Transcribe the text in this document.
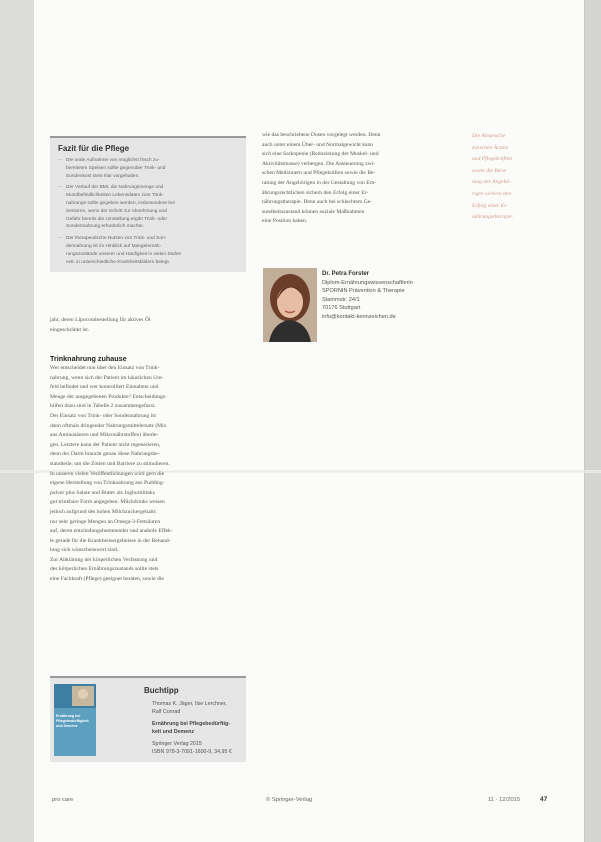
Fazit für die Pflege
— Die orale Aufnahme von möglichst frisch zu-
bereiteten Speisen sollte gegenüber Trink- und
Sondenkost stets klar vorgehalten.
— Der Verlauf der BMI, die Nahrungsmenge und
Mundbefindlichkeiten Lebensdaten zum Trink-
nahrungs sollte gegeben werden, insbesondere bei
Senioren, wenn der Schritt zur Abnehmung und
Gefahr bereits die Umstellung ergibt Trink- oder
Sondennahrung erforderlich machte.
— Der therapeutische Nutzen von Trink- und Son-
dennahrung ist im Hinblick auf Mangelernäh-
rungszustände unserer und Häufigkeit in vielen Stufen
evtl. in unterschiedliche Krankheitsbildern belegt.
jahr, deren Lipocombestellung für aktives Öl
eingeschränkt ist.
Trinknahrung zuhause
Wer entscheidet nun über den Einsatz von Trink-
nahrung, wenn sich der Patient im häuslichen Um-
feld befindet und wer kontrolliert Einnahme und
Menge der ausgegebenen Produkte? Entscheidungs-
hilfen dazu sind in Tabelle 2 zusammengefasst.
Der Einsatz von Trink- oder Sondennahrung ist
dann oftmals dringender Nahrungsmittelersatz (Mix
aus Aminosäuren und Mikronährstoffen) überle-
gen. Letztere kann der Patient nicht regenerieren,
denn der Darm braucht genau diese Nahrungsbe-
standteile, um die Zotten und Barriere zu stimulieren.
In unseren vielen Veröffentlichungen wird gern die
eigene Herstellung von Trinknahrung aus Pudding-
pulver plus Sahne und Butter als Joghurtdrinks
gut trinkbare Form angegeben. Milchdrinks weisen
jedoch aufgrund des hohen Milchzuckergehalts
nur sehr geringe Mengen an Omega-3-Fettsäuren
auf, deren entzündungshemmender und anabole Effek-
te gerade für die Krankheitsergebnisse in der Behand-
lung sich wünschenswert sind.
Zur Abklärung der körperlichen Verfassung und
des körperlichen Ernährungszustands sollte stets
eine Fachkraft (Pflege) geeignet beraten, sowie die
wie das beschriebene Dosen vorgelegt werden. Denn
auch unter einem Über- und Normalgewicht kann
sich eine Sarkopenie (Reduzierung der Muskel- und
Aktivitätsmasse) verbergen. Die Ansteuerung zwi-
schen Medizinern und Pflegekräften sowie die Be-
ratung der Angehörigen in der Gestaltung von Ern-
ährungsrechtlichen sichern den Erfolg einer Er-
nährungstherapie. Denn auch bei schlechtem Ge-
sundheitszustand können soziale Maßnahmen
eine Position haben.
Die Absprache
zwischen Ärzten
und Pflegekräften
sowie die Bera-
tung der Angehö-
rigen sichern den
Erfolg einer Er-
nährungstherapie.
Dr. Petra Forster
Diplom-Ernährungswissenschaftlerin
SPORNIN Prävention & Therapie
Stammstr. 24/1
70176 Stuttgart
info@kontakt-kennzeichen.de
Ernährung bei
Pflegebedürftigkeit
und Demenz
Buchtipp
Thomas K. Jäger, Ilse Lerchner,
Ralf Conrad
Ernährung bei Pflegebedürftig-
keit und Demenz
Springer Verlag 2015
ISBN 978-3-7091-1600-9, 34,95 €
pro care	© Springer-Verlag	11 · 12/2015	47
